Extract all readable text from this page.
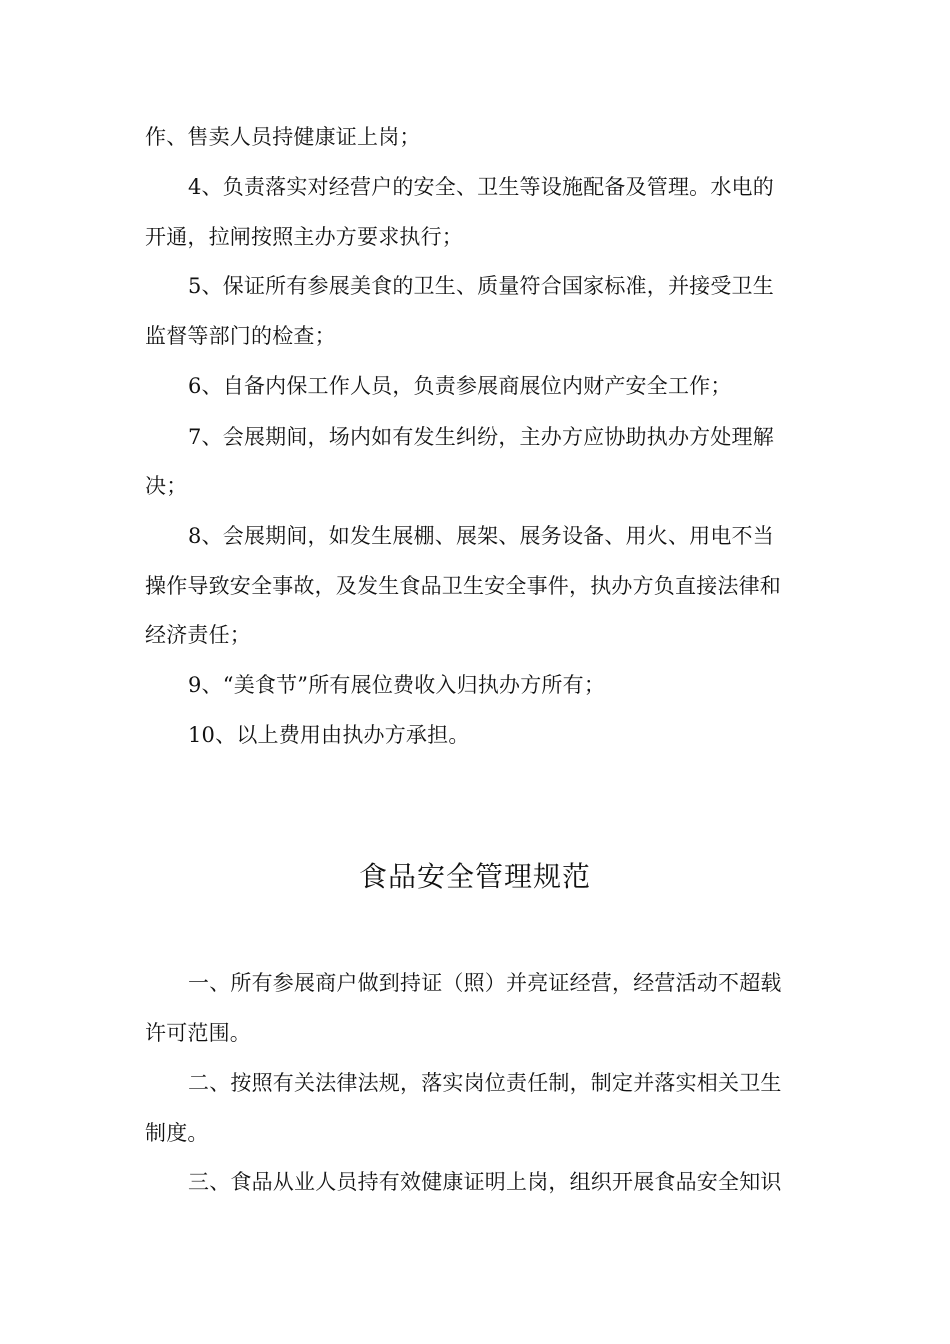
作、售卖人员持健康证上岗；
4、负责落实对经营户的安全、卫生等设施配备及管理。水电的
开通，拉闸按照主办方要求执行；
5、保证所有参展美食的卫生、质量符合国家标准，并接受卫生
监督等部门的检查；
6、自备内保工作人员，负责参展商展位内财产安全工作；
7、会展期间，场内如有发生纠纷，主办方应协助执办方处理解
决；
8、会展期间，如发生展棚、展架、展务设备、用火、用电不当
操作导致安全事故，及发生食品卫生安全事件，执办方负直接法律和
经济责任；
9、“美食节”所有展位费收入归执办方所有；
10、以上费用由执办方承担。
食品安全管理规范
一、所有参展商户做到持证（照）并亮证经营，经营活动不超载
许可范围。
二、按照有关法律法规，落实岗位责任制，制定并落实相关卫生
制度。
三、食品从业人员持有效健康证明上岗，组织开展食品安全知识
